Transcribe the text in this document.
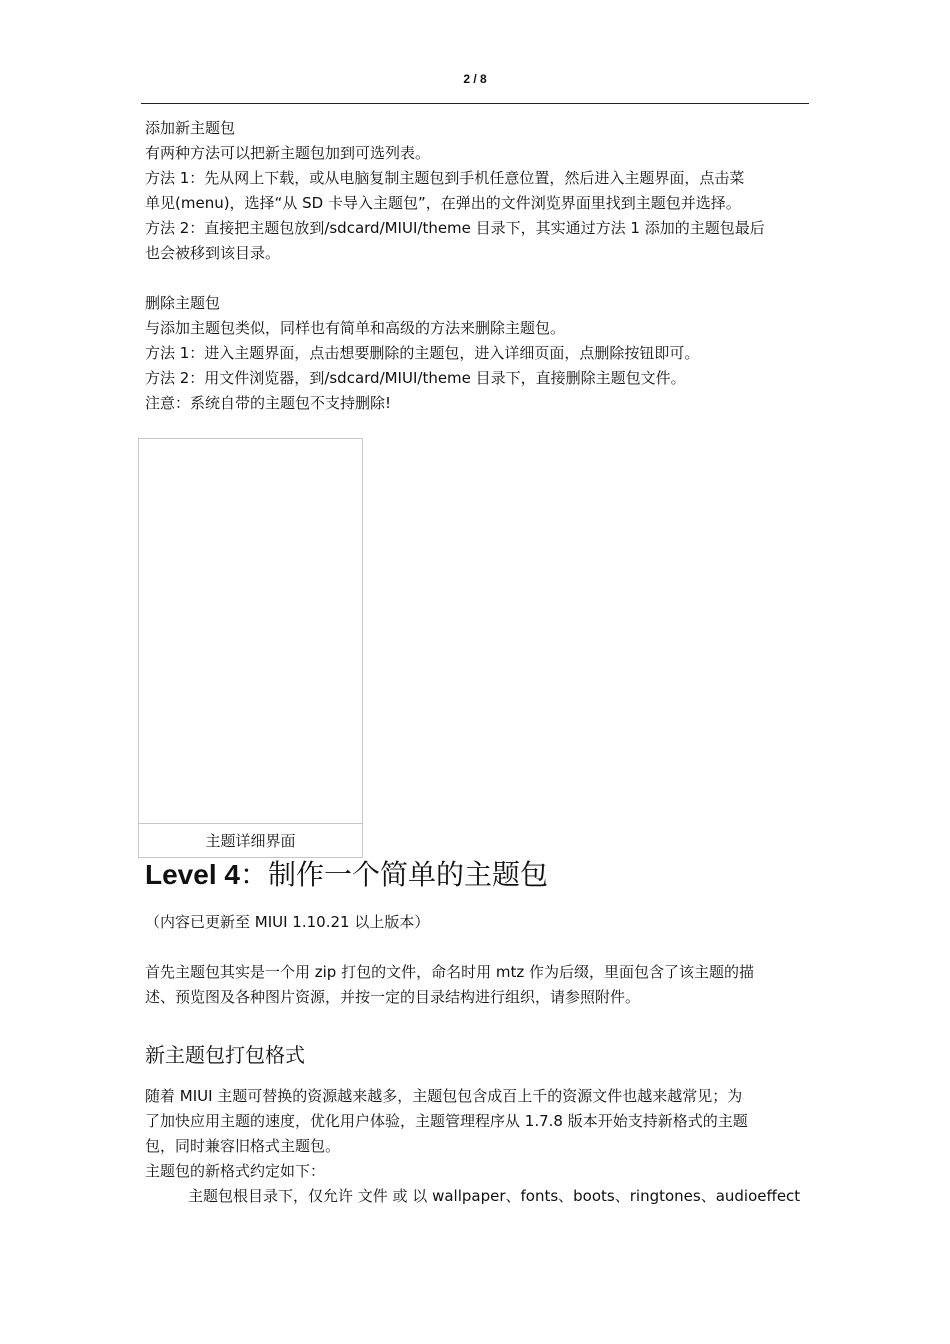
2 / 8

添加新主题包

有两种方法可以把新主题包加到可选列表。

方法 1：先从网上下载，或从电脑复制主题包到手机任意位置，然后进入主题界面，点击菜

单见(menu)，选择“从 SD 卡导入主题包”，在弹出的文件浏览界面里找到主题包并选择。

方法 2：直接把主题包放到/sdcard/MIUI/theme 目录下，其实通过方法 1 添加的主题包最后

也会被移到该目录。

删除主题包

与添加主题包类似，同样也有简单和高级的方法来删除主题包。

方法 1：进入主题界面，点击想要删除的主题包，进入详细页面，点删除按钮即可。

方法 2：用文件浏览器，到/sdcard/MIUI/theme 目录下，直接删除主题包文件。

注意：系统自带的主题包不支持删除!

主题详细界面
Level 4：制作一个简单的主题包
（内容已更新至 MIUI 1.10.21 以上版本）

首先主题包其实是一个用 zip 打包的文件，命名时用 mtz 作为后缀，里面包含了该主题的描

述、预览图及各种图片资源，并按一定的目录结构进行组织，请参照附件。

新主题包打包格式

随着 MIUI 主题可替换的资源越来越多，主题包包含成百上千的资源文件也越来越常见；为

了加快应用主题的速度，优化用户体验，主题管理程序从 1.7.8 版本开始支持新格式的主题

包，同时兼容旧格式主题包。

主题包的新格式约定如下：

主题包根目录下，仅允许 文件 或 以 wallpaper、fonts、boots、ringtones、audioeffect
